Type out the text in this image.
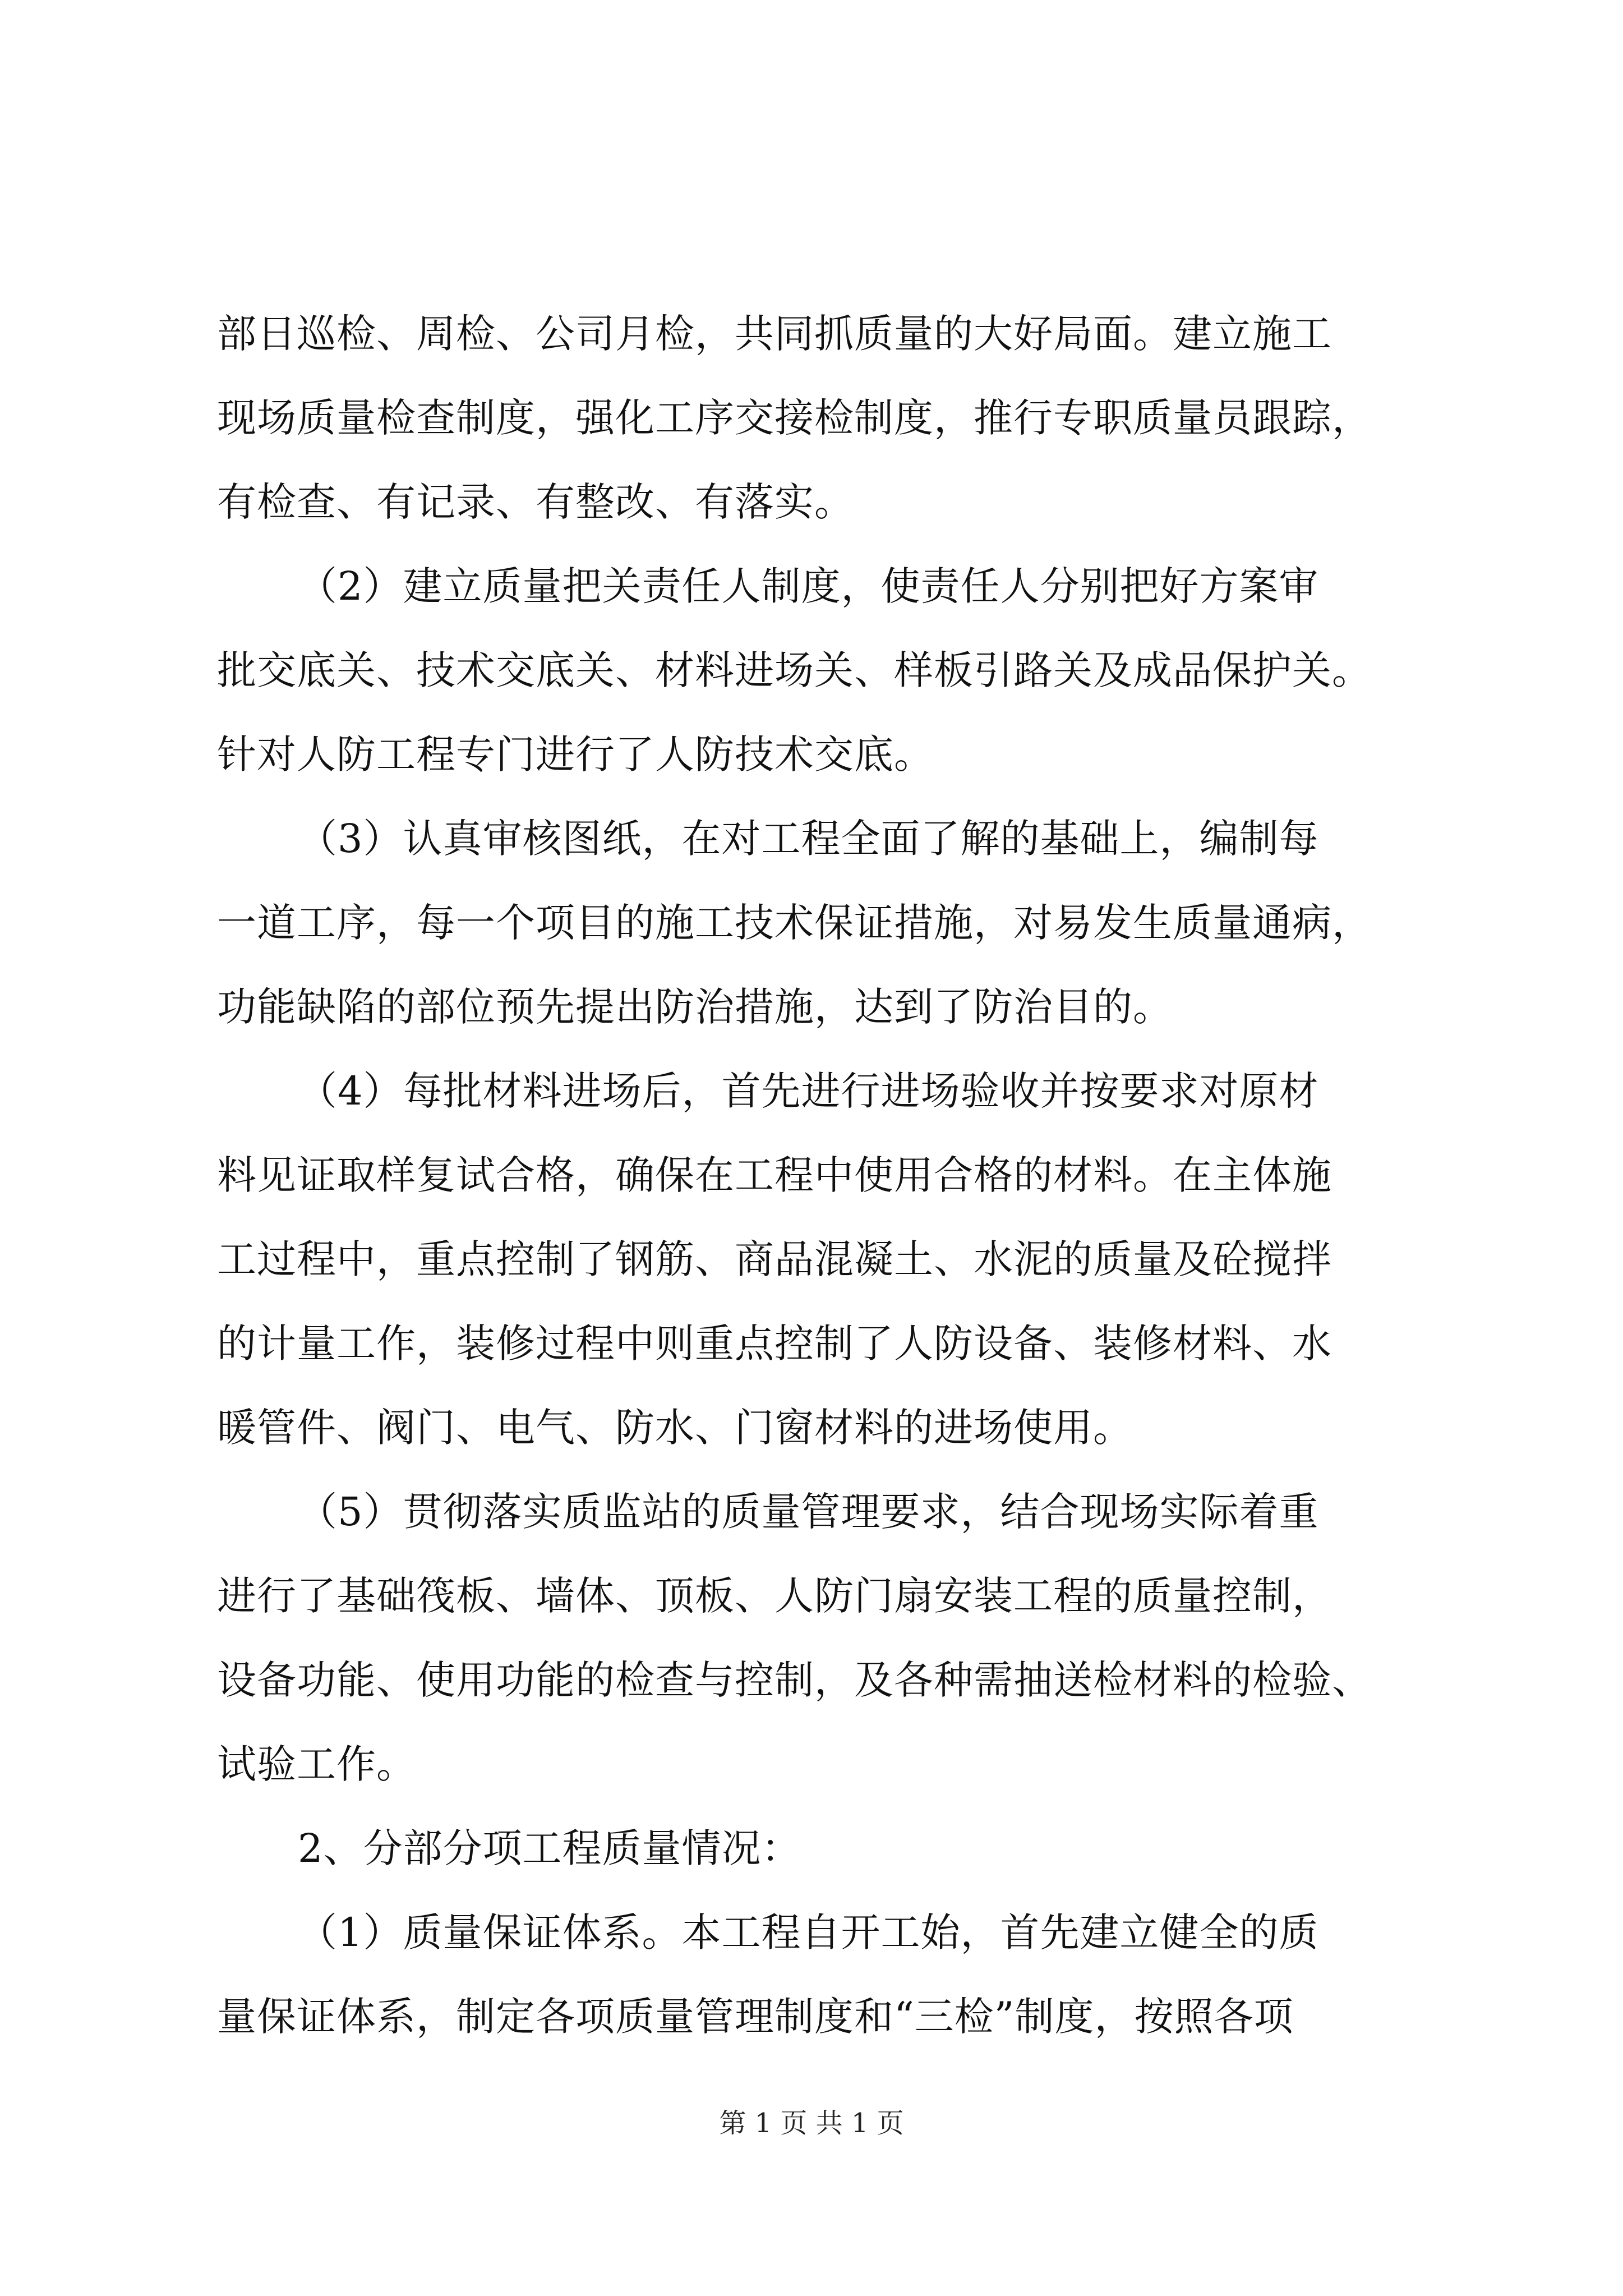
部日巡检、周检、公司月检，共同抓质量的大好局面。建立施工
现场质量检查制度，强化工序交接检制度，推行专职质量员跟踪，
有检查、有记录、有整改、有落实。
（2）建立质量把关责任人制度，使责任人分别把好方案审
批交底关、技术交底关、材料进场关、样板引路关及成品保护关。
针对人防工程专门进行了人防技术交底。
（3）认真审核图纸，在对工程全面了解的基础上，编制每
一道工序，每一个项目的施工技术保证措施，对易发生质量通病，
功能缺陷的部位预先提出防治措施，达到了防治目的。
（4）每批材料进场后，首先进行进场验收并按要求对原材
料见证取样复试合格，确保在工程中使用合格的材料。在主体施
工过程中，重点控制了钢筋、商品混凝土、水泥的质量及砼搅拌
的计量工作，装修过程中则重点控制了人防设备、装修材料、水
暖管件、阀门、电气、防水、门窗材料的进场使用。
（5）贯彻落实质监站的质量管理要求，结合现场实际着重
进行了基础筏板、墙体、顶板、人防门扇安装工程的质量控制，
设备功能、使用功能的检查与控制，及各种需抽送检材料的检验、
试验工作。
2、分部分项工程质量情况：
（1）质量保证体系。本工程自开工始，首先建立健全的质
量保证体系，制定各项质量管理制度和“三检”制度，按照各项
第 1 页 共 1 页
